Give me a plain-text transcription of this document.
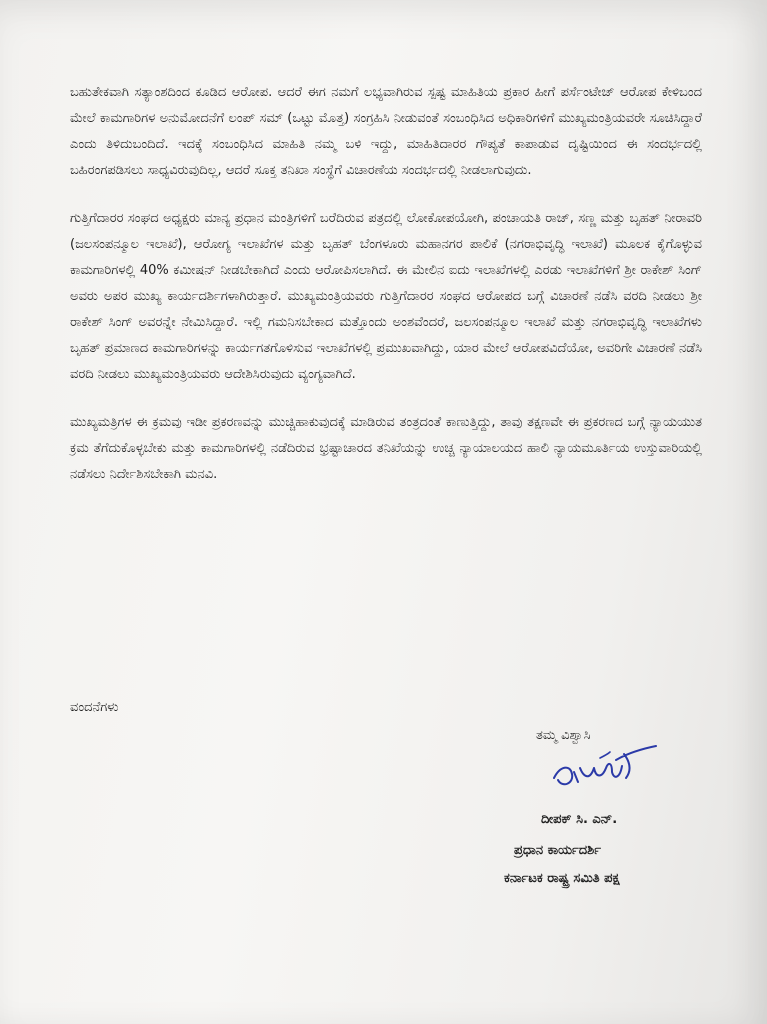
ಬಹುತೇಕವಾಗಿ ಸತ್ಯಾಂಶದಿಂದ ಕೂಡಿದ ಆರೋಪ. ಆದರೆ ಈಗ ನಮಗೆ ಲಭ್ಯವಾಗಿರುವ ಸ್ಪಷ್ಟ ಮಾಹಿತಿಯ ಪ್ರಕಾರ ಹೀಗೆ ಪರ್ಸೆಂಟೇಜ್ ಆರೋಪ ಕೇಳಿಬಂದ ಮೇಲೆ ಕಾಮಗಾರಿಗಳ ಅನುಮೋದನೆಗೆ ಲಂಪ್ ಸಮ್ (ಒಟ್ಟು ಮೊತ್ತ) ಸಂಗ್ರಹಿಸಿ ನೀಡುವಂತೆ ಸಂಬಂಧಿಸಿದ ಅಧಿಕಾರಿಗಳಿಗೆ ಮುಖ್ಯಮಂತ್ರಿಯವರೇ ಸೂಚಿಸಿದ್ದಾರೆ ಎಂದು ತಿಳಿದುಬಂದಿದೆ. ಇದಕ್ಕೆ ಸಂಬಂಧಿಸಿದ ಮಾಹಿತಿ ನಮ್ಮ ಬಳಿ ಇದ್ದು, ಮಾಹಿತಿದಾರರ ಗೌಪ್ಯತೆ ಕಾಪಾಡುವ ದೃಷ್ಟಿಯಿಂದ ಈ ಸಂದರ್ಭದಲ್ಲಿ ಬಹಿರಂಗಪಡಿಸಲು ಸಾಧ್ಯವಿರುವುದಿಲ್ಲ, ಆದರೆ ಸೂಕ್ತ ತನಿಖಾ ಸಂಸ್ಥೆಗೆ ವಿಚಾರಣೆಯ ಸಂದರ್ಭದಲ್ಲಿ ನೀಡಲಾಗುವುದು.

ಗುತ್ತಿಗೆದಾರರ ಸಂಘದ ಅಧ್ಯಕ್ಷರು ಮಾನ್ಯ ಪ್ರಧಾನ ಮಂತ್ರಿಗಳಿಗೆ ಬರೆದಿರುವ ಪತ್ರದಲ್ಲಿ ಲೋಕೋಪಯೋಗಿ, ಪಂಚಾಯತಿ ರಾಜ್, ಸಣ್ಣ ಮತ್ತು ಬೃಹತ್ ನೀರಾವರಿ (ಜಲಸಂಪನ್ಮೂಲ ಇಲಾಖೆ), ಆರೋಗ್ಯ ಇಲಾಖೆಗಳ ಮತ್ತು ಬೃಹತ್ ಬೆಂಗಳೂರು ಮಹಾನಗರ ಪಾಲಿಕೆ (ನಗರಾಭಿವೃದ್ಧಿ ಇಲಾಖೆ) ಮೂಲಕ ಕೈಗೊಳ್ಳುವ ಕಾಮಗಾರಿಗಳಲ್ಲಿ 40% ಕಮೀಷನ್ ನೀಡಬೇಕಾಗಿದೆ ಎಂದು ಆರೋಪಿಸಲಾಗಿದೆ. ಈ ಮೇಲಿನ ಐದು ಇಲಾಖೆಗಳಲ್ಲಿ ಎರಡು ಇಲಾಖೆಗಳಿಗೆ ಶ್ರೀ ರಾಕೇಶ್ ಸಿಂಗ್ ಅವರು ಅಪರ ಮುಖ್ಯ ಕಾರ್ಯದರ್ಶಿಗಳಾಗಿರುತ್ತಾರೆ. ಮುಖ್ಯಮಂತ್ರಿಯವರು ಗುತ್ತಿಗೆದಾರರ ಸಂಘದ ಆರೋಪದ ಬಗ್ಗೆ ವಿಚಾರಣೆ ನಡೆಸಿ ವರದಿ ನೀಡಲು ಶ್ರೀ ರಾಕೇಶ್ ಸಿಂಗ್ ಅವರನ್ನೇ ನೇಮಿಸಿದ್ದಾರೆ. ಇಲ್ಲಿ ಗಮನಿಸಬೇಕಾದ ಮತ್ತೊಂದು ಅಂಶವೆಂದರೆ, ಜಲಸಂಪನ್ಮೂಲ ಇಲಾಖೆ ಮತ್ತು ನಗರಾಭಿವೃದ್ಧಿ ಇಲಾಖೆಗಳು ಬೃಹತ್ ಪ್ರಮಾಣದ ಕಾಮಗಾರಿಗಳನ್ನು ಕಾರ್ಯಗತಗೊಳಿಸುವ ಇಲಾಖೆಗಳಲ್ಲಿ ಪ್ರಮುಖವಾಗಿದ್ದು, ಯಾರ ಮೇಲೆ ಆರೋಪವಿದೆಯೋ, ಅವರಿಗೇ ವಿಚಾರಣೆ ನಡೆಸಿ ವರದಿ ನೀಡಲು ಮುಖ್ಯಮಂತ್ರಿಯವರು ಆದೇಶಿಸಿರುವುದು ವ್ಯಂಗ್ಯವಾಗಿದೆ.

ಮುಖ್ಯಮತ್ರಿಗಳ ಈ ಕ್ರಮವು ಇಡೀ ಪ್ರಕರಣವನ್ನು ಮುಚ್ಚಿಹಾಕುವುದಕ್ಕೆ ಮಾಡಿರುವ ತಂತ್ರದಂತೆ ಕಾಣುತ್ತಿದ್ದು, ತಾವು ತಕ್ಷಣವೇ ಈ ಪ್ರಕರಣದ ಬಗ್ಗೆ ನ್ಯಾಯಯುತ ಕ್ರಮ ತೆಗೆದುಕೊಳ್ಳಬೇಕು ಮತ್ತು ಕಾಮಗಾರಿಗಳಲ್ಲಿ ನಡೆದಿರುವ ಭ್ರಷ್ಟಾಚಾರದ ತನಿಖೆಯನ್ನು ಉಚ್ಚ ನ್ಯಾಯಾಲಯದ ಹಾಲಿ ನ್ಯಾಯಮೂರ್ತಿಯ ಉಸ್ತುವಾರಿಯಲ್ಲಿ ನಡೆಸಲು ನಿರ್ದೇಶಿಸಬೇಕಾಗಿ ಮನವಿ.

ವಂದನೆಗಳು
ತಮ್ಮ ವಿಶ್ವಾಸಿ
ದೀಪಕ್ ಸಿ. ಎನ್.
ಪ್ರಧಾನ ಕಾರ್ಯದರ್ಶಿ
ಕರ್ನಾಟಕ ರಾಷ್ಟ್ರ ಸಮಿತಿ ಪಕ್ಷ
